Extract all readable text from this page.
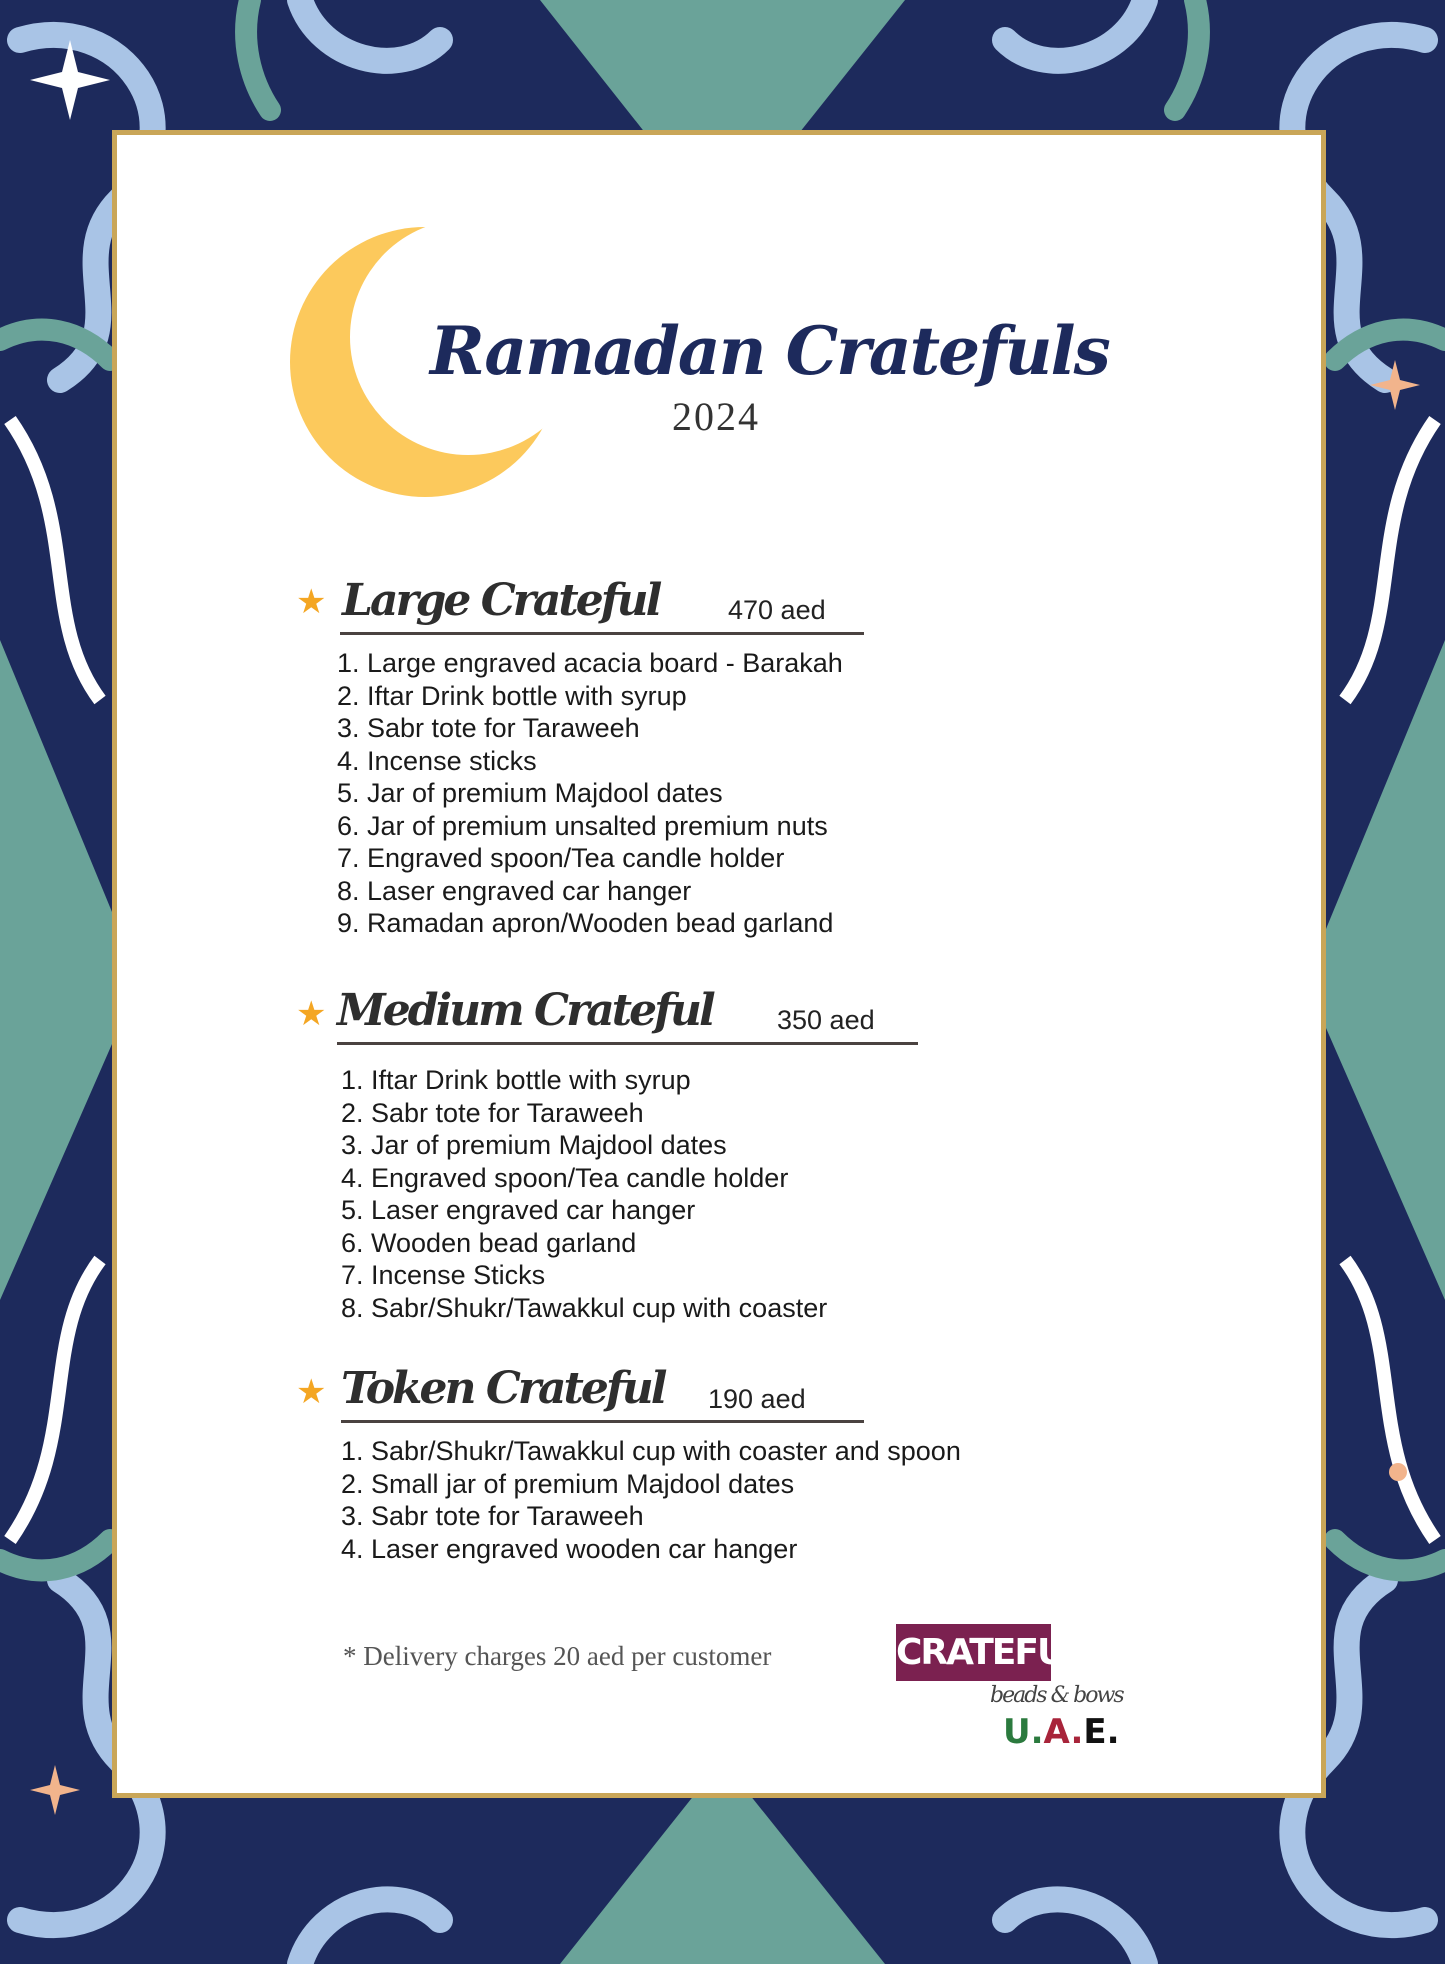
Ramadan Cratefuls
2024
★ Large Crateful	470 aed
1. Large engraved acacia board - Barakah
2. Iftar Drink bottle with syrup
3. Sabr tote for Taraweeh
4. Incense sticks
5. Jar of premium Majdool dates
6. Jar of premium unsalted premium nuts
7. Engraved spoon/Tea candle holder
8. Laser engraved car hanger
9. Ramadan apron/Wooden bead garland
★ Medium Crateful 350 aed
1. Iftar Drink bottle with syrup
2. Sabr tote for Taraweeh
3. Jar of premium Majdool dates
4. Engraved spoon/Tea candle holder
5. Laser engraved car hanger
6. Wooden bead garland
7. Incense Sticks
8. Sabr/Shukr/Tawakkul cup with coaster
★ Token Crateful 190 aed
1. Sabr/Shukr/Tawakkul cup with coaster and spoon
2. Small jar of premium Majdool dates
3. Sabr tote for Taraweeh
4. Laser engraved wooden car hanger
* Delivery charges 20 aed per customer	CRATEFUL
beads & bows
U.A.E.
